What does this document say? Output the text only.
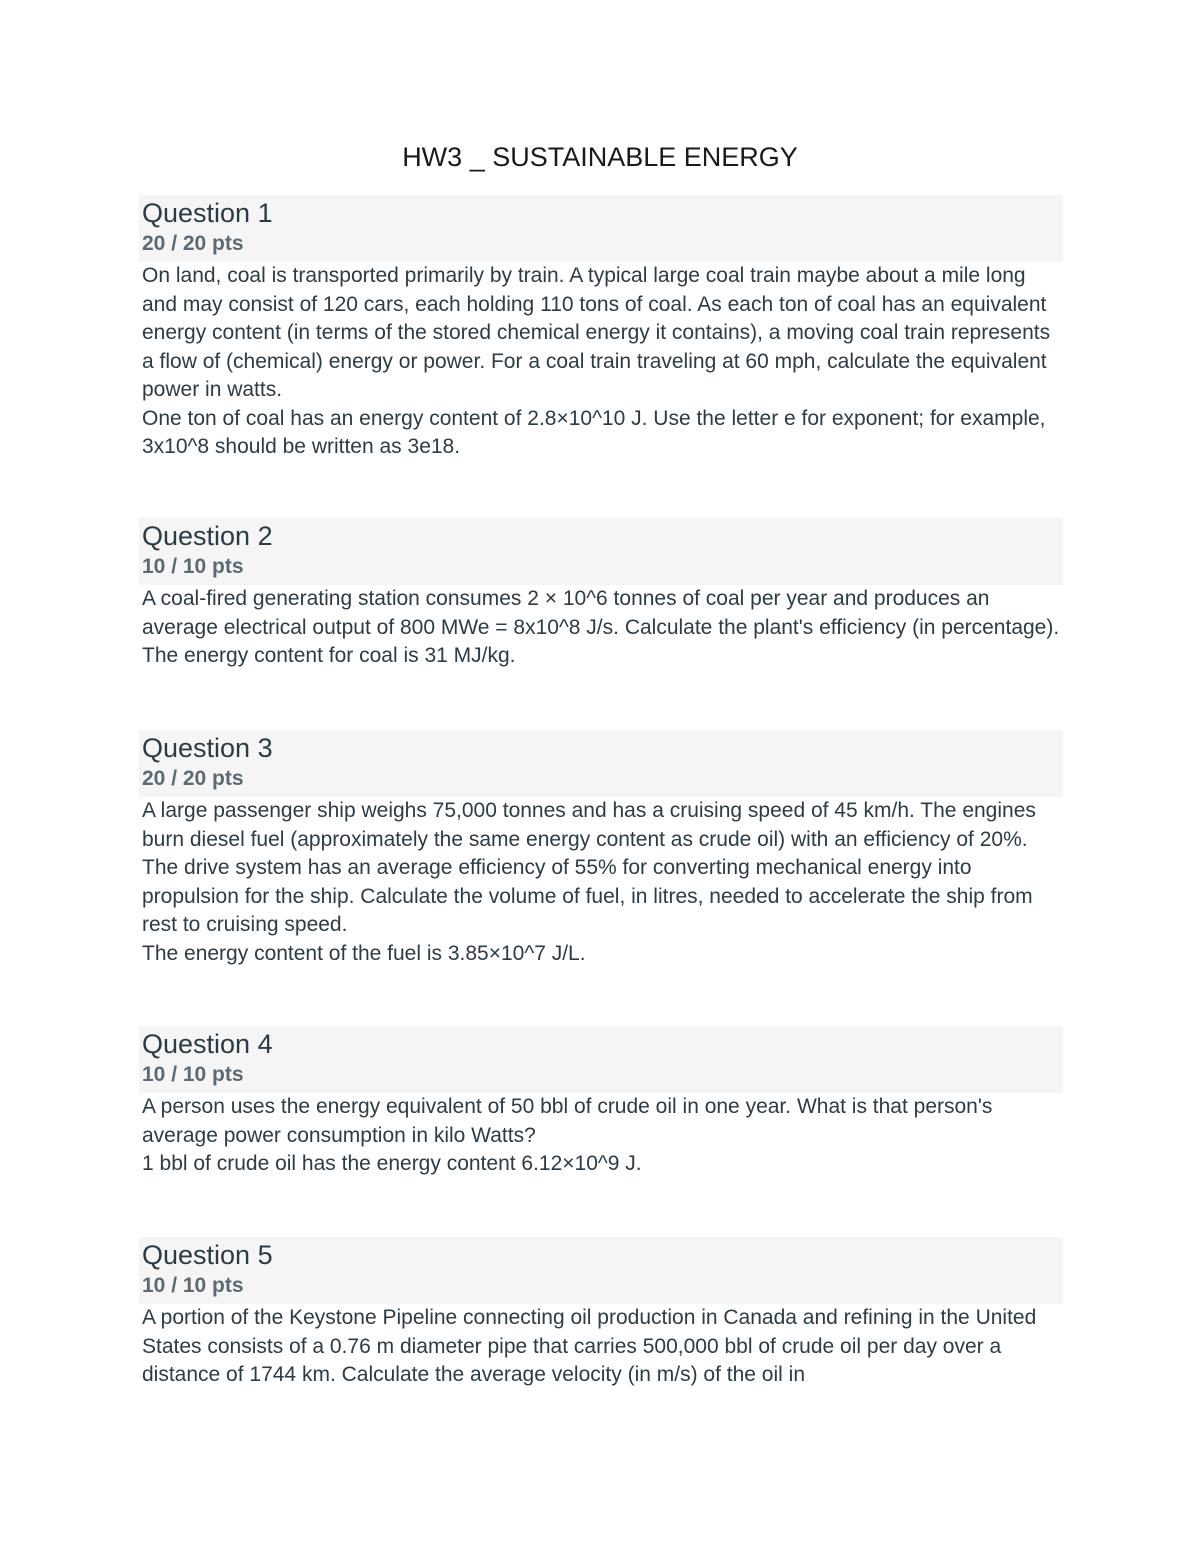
HW3 _ SUSTAINABLE ENERGY
Question 1
20 / 20 pts

On land, coal is transported primarily by train. A typical large coal train maybe about a mile long and may consist of 120 cars, each holding 110 tons of coal. As each ton of coal has an equivalent energy content (in terms of the stored chemical energy it contains), a moving coal train represents a flow of (chemical) energy or power. For a coal train traveling at 60 mph, calculate the equivalent power in watts.

One ton of coal has an energy content of 2.8×10^10 J. Use the letter e for exponent; for example, 3x10^8 should be written as 3e18.

Question 2
10 / 10 pts

A coal-fired generating station consumes 2 × 10^6 tonnes of coal per year and produces an average electrical output of 800 MWe = 8x10^8 J/s. Calculate the plant's efficiency (in percentage). The energy content for coal is 31 MJ/kg.

Question 3
20 / 20 pts

A large passenger ship weighs 75,000 tonnes and has a cruising speed of 45 km/h. The engines burn diesel fuel (approximately the same energy content as crude oil) with an efficiency of 20%. The drive system has an average efficiency of 55% for converting mechanical energy into propulsion for the ship. Calculate the volume of fuel, in litres, needed to accelerate the ship from rest to cruising speed.

The energy content of the fuel is 3.85×10^7 J/L.

Question 4
10 / 10 pts

A person uses the energy equivalent of 50 bbl of crude oil in one year. What is that person's average power consumption in kilo Watts?

1 bbl of crude oil has the energy content 6.12×10^9 J.

Question 5
10 / 10 pts

A portion of the Keystone Pipeline connecting oil production in Canada and refining in the United States consists of a 0.76 m diameter pipe that carries 500,000 bbl of crude oil per day over a distance of 1744 km. Calculate the average velocity (in m/s) of the oil in
